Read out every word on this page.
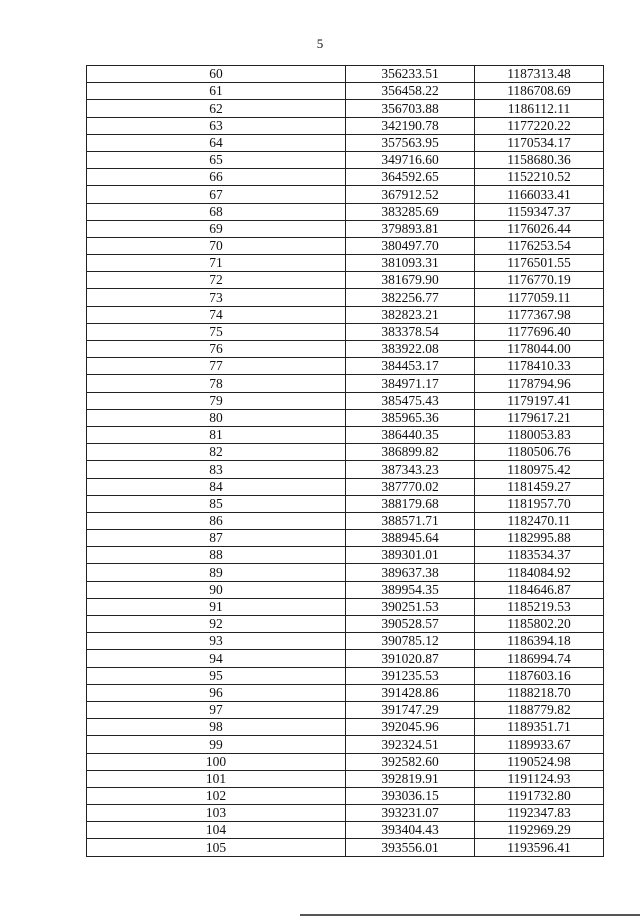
5
60	356233.51	1187313.48
61	356458.22	1186708.69
62	356703.88	1186112.11
63	342190.78	1177220.22
64	357563.95	1170534.17
65	349716.60	1158680.36
66	364592.65	1152210.52
67	367912.52	1166033.41
68	383285.69	1159347.37
69	379893.81	1176026.44
70	380497.70	1176253.54
71	381093.31	1176501.55
72	381679.90	1176770.19
73	382256.77	1177059.11
74	382823.21	1177367.98
75	383378.54	1177696.40
76	383922.08	1178044.00
77	384453.17	1178410.33
78	384971.17	1178794.96
79	385475.43	1179197.41
80	385965.36	1179617.21
81	386440.35	1180053.83
82	386899.82	1180506.76
83	387343.23	1180975.42
84	387770.02	1181459.27
85	388179.68	1181957.70
86	388571.71	1182470.11
87	388945.64	1182995.88
88	389301.01	1183534.37
89	389637.38	1184084.92
90	389954.35	1184646.87
91	390251.53	1185219.53
92	390528.57	1185802.20
93	390785.12	1186394.18
94	391020.87	1186994.74
95	391235.53	1187603.16
96	391428.86	1188218.70
97	391747.29	1188779.82
98	392045.96	1189351.71
99	392324.51	1189933.67
100	392582.60	1190524.98
101	392819.91	1191124.93
102	393036.15	1191732.80
103	393231.07	1192347.83
104	393404.43	1192969.29
105	393556.01	1193596.41
